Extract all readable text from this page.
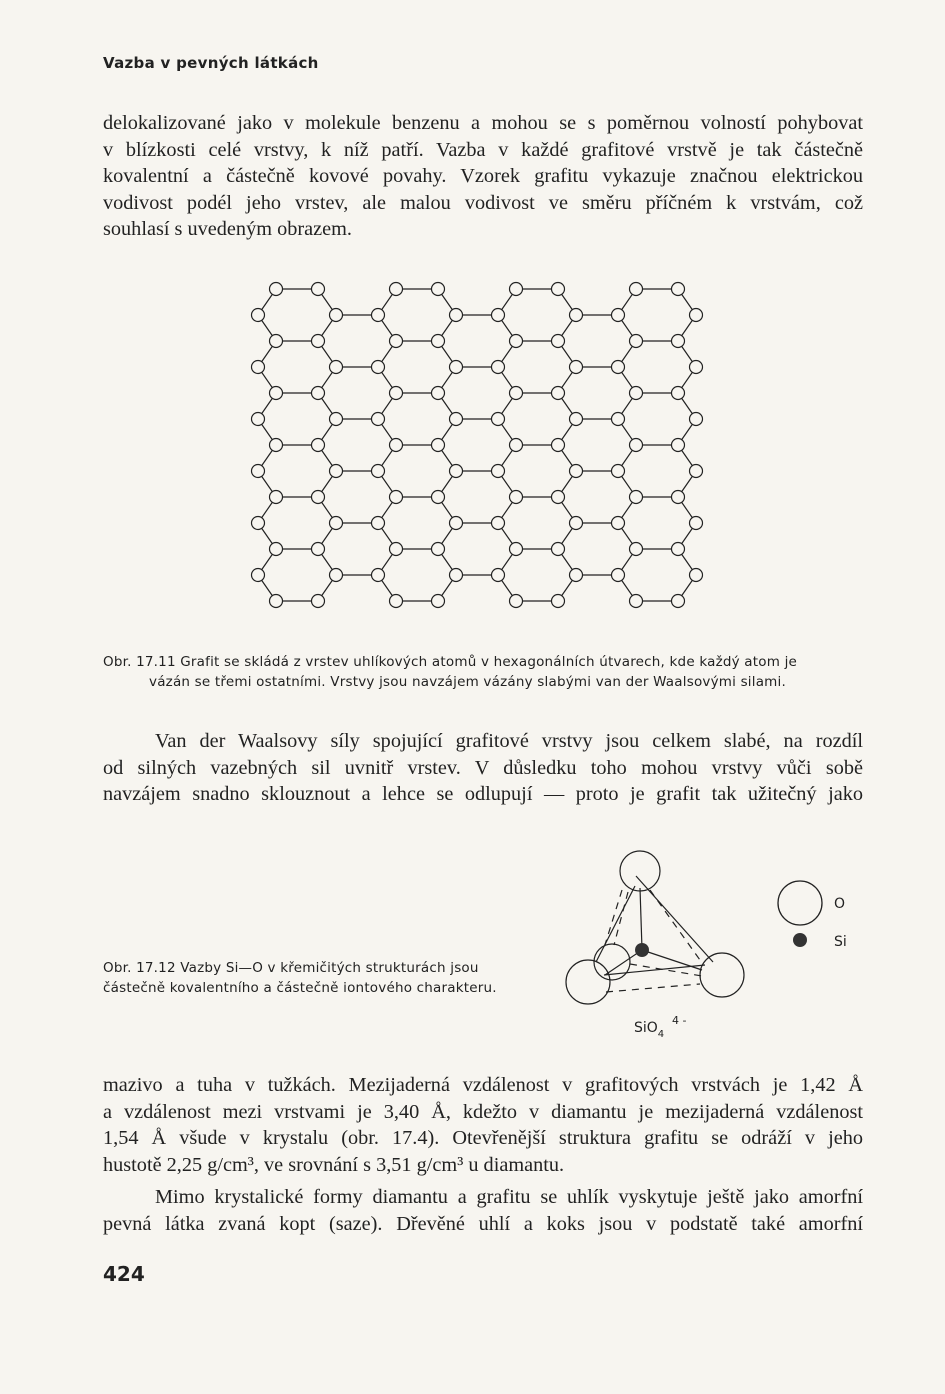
Vazba v pevných látkách
delokalizované jako v molekule benzenu a mohou se s poměrnou volností pohybovat
v blízkosti celé vrstvy, k níž patří. Vazba v každé grafitové vrstvě je tak částečně
kovalentní a částečně kovové povahy. Vzorek grafitu vykazuje značnou elektrickou
vodivost podél jeho vrstev, ale malou vodivost ve směru příčném k vrstvám, což
souhlasí s uvedeným obrazem.
Obr. 17.11 Grafit se skládá z vrstev uhlíkových atomů v hexagonálních útvarech, kde každý atom je
vázán se třemi ostatními. Vrstvy jsou navzájem vázány slabými van der Waalsovými silami.
Van der Waalsovy síly spojující grafitové vrstvy jsou celkem slabé, na rozdíl
od silných vazebných sil uvnitř vrstev. V důsledku toho mohou vrstvy vůči sobě
navzájem snadno sklouznout a lehce se odlupují — proto je grafit tak užitečný jako
Obr. 17.12 Vazby Si—O v křemičitých strukturách jsou
částečně kovalentního a částečně iontového charakteru.
O
Si
SiO$_4$
4 -
mazivo a tuha v tužkách. Mezijaderná vzdálenost v grafitových vrstvách je 1,42 Å
a vzdálenost mezi vrstvami je 3,40 Å, kdežto v diamantu je mezijaderná vzdálenost
1,54 Å všude v krystalu (obr. 17.4). Otevřenější struktura grafitu se odráží v jeho
hustotě 2,25 g/cm³, ve srovnání s 3,51 g/cm³ u diamantu.
Mimo krystalické formy diamantu a grafitu se uhlík vyskytuje ještě jako amorfní
pevná látka zvaná kopt (saze). Dřevěné uhlí a koks jsou v podstatě také amorfní
424
